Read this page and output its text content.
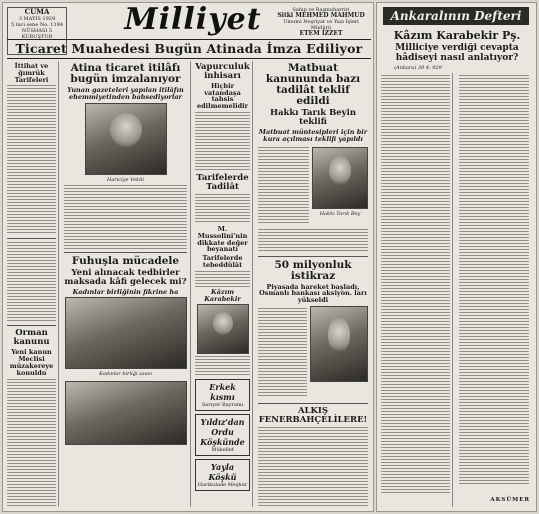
CUMA
3 MAYIS 1929
5 inci sene No. 1184
NÜSHASI 5 KURUŞTUR	Milliyet	Sahip ve Başmuharriri
Sitki MEHMED MAHMUD
Umumi Neşriyat ve Yazı İşleri Müdürü
ETEM İZZET
Ticaret Muahedesi Bugün Atinada İmza Ediliyor
İttihat ve ğımrük Tarifeleri
Orman kanunu
Yeni kanun Meclisi müzakereye konuldu
Atina ticaret itilâfı bugün imzalanıyor
Yunan gazeteleri yapılan itilâfın ehemmiyetinden bahsediyorlar
Hariciye Vekili
Fuhuşla mücadele
Yeni alınacak tedbirler maksada kâfi gelecek mi?
Kadınlar birliğinin fikrine ha
Kadınlar birliği azası
Vapurculuk inhisarı
Hiçbir vatandaşa tahsis edilmemelidir
Tarifelerde Tadilât
M. Mussolini'nin dikkate değer beyanatı
Tarifelerde tebeddülât
Kâzım Karabekir
Erkek kısmı
Sarıyer Bayramı
Yıldız'dan Ordu Köşkünde
Mükellef
Yayla Köşkü
Harikulade Meşhur
Matbuat kanununda bazı tadilât teklif edildi
Hakkı Tarık Beyin teklifi
Matbuat müntesipleri için bir kura açılması teklifi yapıldı
Hakkı Tarık Bey
50 milyonluk istikraz
Piyasada hareket başladı, Osmanlı bankası aksiyon. ları yükseldi
ALKIŞ FENERBAHÇELİLERE!
Ankaralının Defteri
Kâzım Karabekir Pş.
Milliciye verdiği cevapta hâdiseyi nasıl anlatıyor?
(Ankara) 30 4. 929
AKSÜMER
